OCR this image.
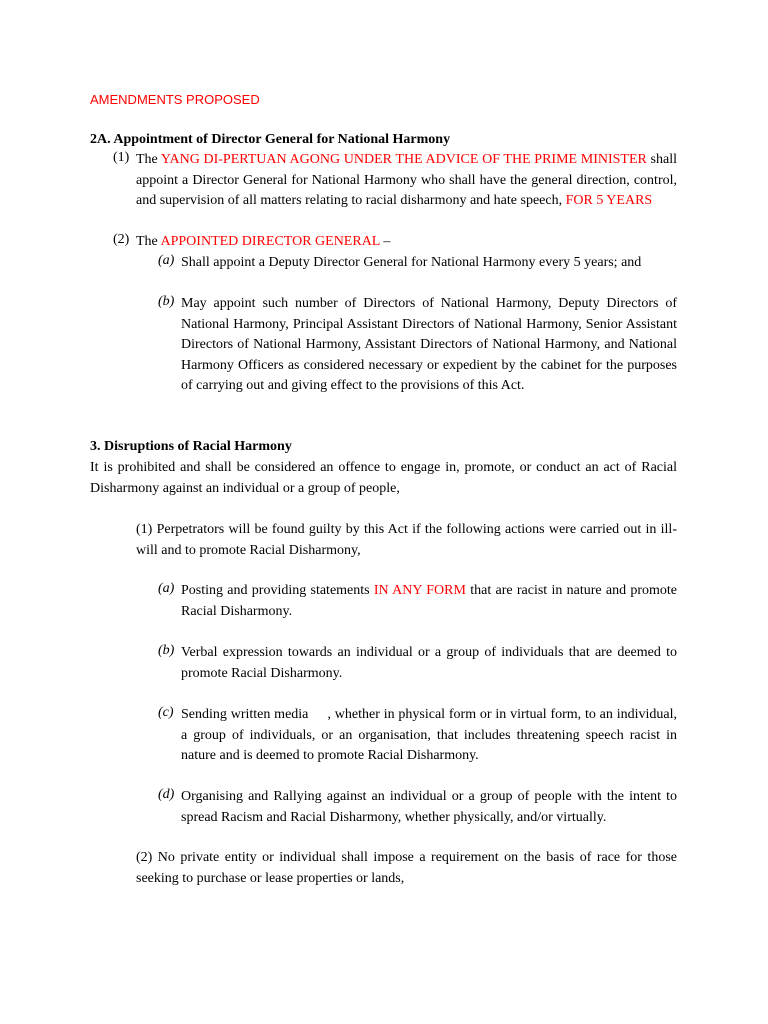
AMENDMENTS PROPOSED
2A. Appointment of Director General for National Harmony
(1) The YANG DI-PERTUAN AGONG UNDER THE ADVICE OF THE PRIME MINISTER shall appoint a Director General for National Harmony who shall have the general direction, control, and supervision of all matters relating to racial disharmony and hate speech, FOR 5 YEARS
(2) The APPOINTED DIRECTOR GENERAL –
(a) Shall appoint a Deputy Director General for National Harmony every 5 years; and
(b) May appoint such number of Directors of National Harmony, Deputy Directors of National Harmony, Principal Assistant Directors of National Harmony, Senior Assistant Directors of National Harmony, Assistant Directors of National Harmony, and National Harmony Officers as considered necessary or expedient by the cabinet for the purposes of carrying out and giving effect to the provisions of this Act.
3. Disruptions of Racial Harmony
It is prohibited and shall be considered an offence to engage in, promote, or conduct an act of Racial Disharmony against an individual or a group of people,
(1) Perpetrators will be found guilty by this Act if the following actions were carried out in ill-will and to promote Racial Disharmony,
(a) Posting and providing statements IN ANY FORM that are racist in nature and promote Racial Disharmony.
(b) Verbal expression towards an individual or a group of individuals that are deemed to promote Racial Disharmony.
(c) Sending written media     , whether in physical form or in virtual form, to an individual, a group of individuals, or an organisation, that includes threatening speech racist in nature and is deemed to promote Racial Disharmony.
(d) Organising and Rallying against an individual or a group of people with the intent to spread Racism and Racial Disharmony, whether physically, and/or virtually.
(2) No private entity or individual shall impose a requirement on the basis of race for those seeking to purchase or lease properties or lands,
